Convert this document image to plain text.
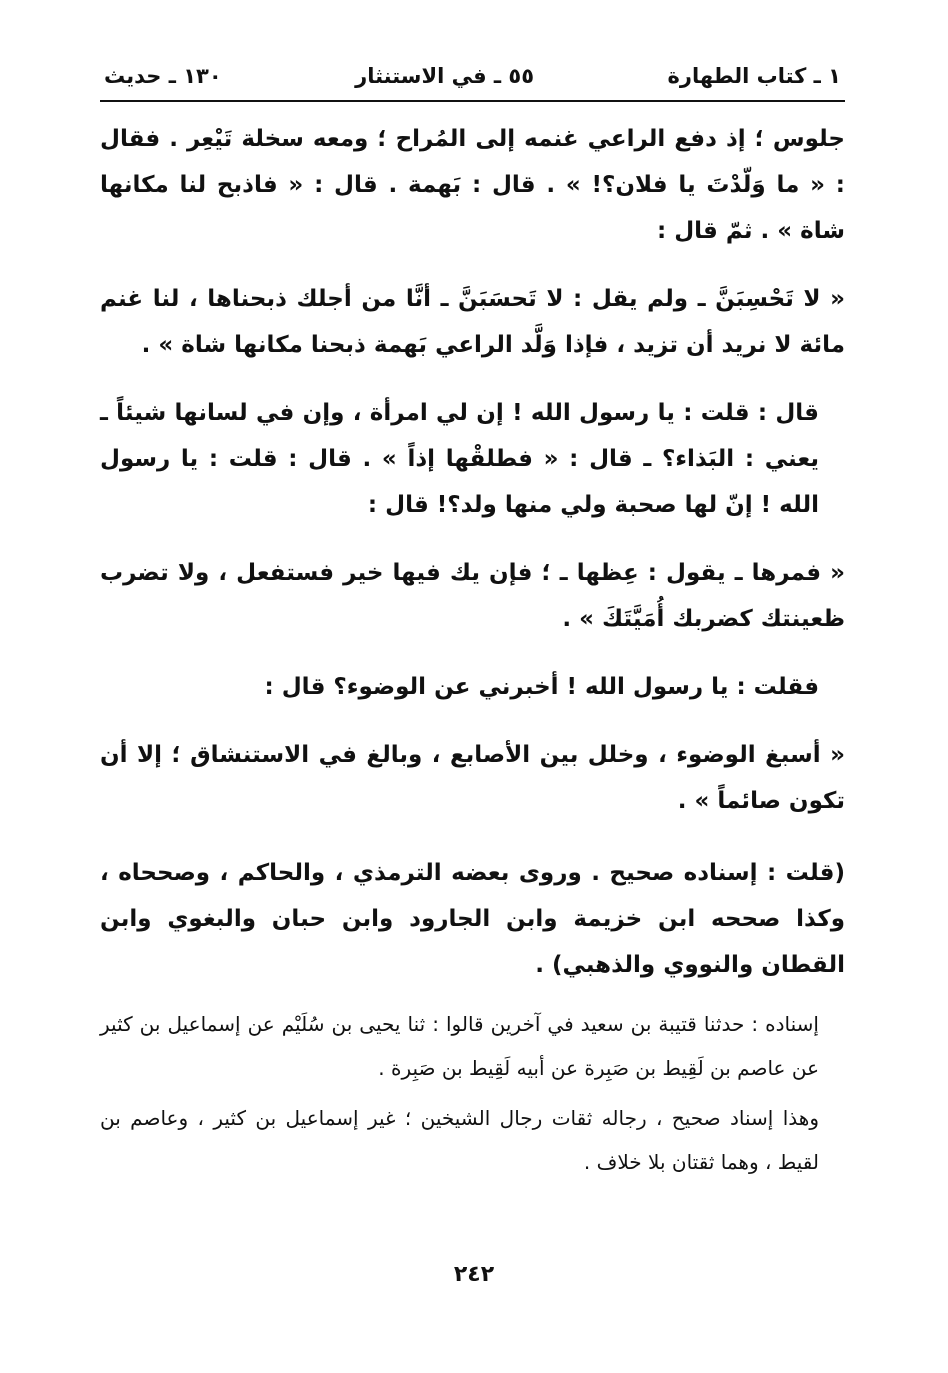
١ ـ كتاب الطهارة
٥٥ ـ في الاستنثار
١٣٠ ـ حديث

جلوس ؛ إذ دفع الراعي غنمه إلى المُراح ؛ ومعه سخلة تَيْعِر . فقال : « ما وَلّدْتَ يا فلان؟! » . قال : بَهمة . قال : « فاذبح لنا مكانها شاة » . ثمّ قال :

« لا تَحْسِبَنَّ ـ ولم يقل : لا تَحسَبَنَّ ـ أنَّا من أجلك ذبحناها ، لنا غنم مائة لا نريد أن تزيد ، فإذا وَلَّد الراعي بَهمة ذبحنا مكانها شاة » .

قال : قلت : يا رسول الله ! إن لي امرأة ، وإن في لسانها شيئاً ـ يعني : البَذاء؟ ـ قال : « فطلقْها إذاً » . قال : قلت : يا رسول الله ! إنّ لها صحبة ولي منها ولد؟! قال :

« فمرها ـ يقول : عِظها ـ ؛ فإن يك فيها خير فستفعل ، ولا تضرب ظعينتك كضربك أُمَيَّتَكَ » .

فقلت : يا رسول الله ! أخبرني عن الوضوء؟ قال :

« أسبغ الوضوء ، وخلل بين الأصابع ، وبالغ في الاستنشاق ؛ إلا أن تكون صائماً » .

(قلت : إسناده صحيح . وروى بعضه الترمذي ، والحاكم ، وصححاه ، وكذا صححه ابن خزيمة وابن الجارود وابن حبان والبغوي وابن القطان والنووي والذهبي) .

إسناده : حدثنا قتيبة بن سعيد في آخرين قالوا : ثنا يحيى بن سُلَيْم عن إسماعيل بن كثير عن عاصم بن لَقِيط بن صَبِرة عن أبيه لَقِيط بن صَبِرة .

وهذا إسناد صحيح ، رجاله ثقات رجال الشيخين ؛ غير إسماعيل بن كثير ، وعاصم بن لقيط ، وهما ثقتان بلا خلاف .

٢٤٢
